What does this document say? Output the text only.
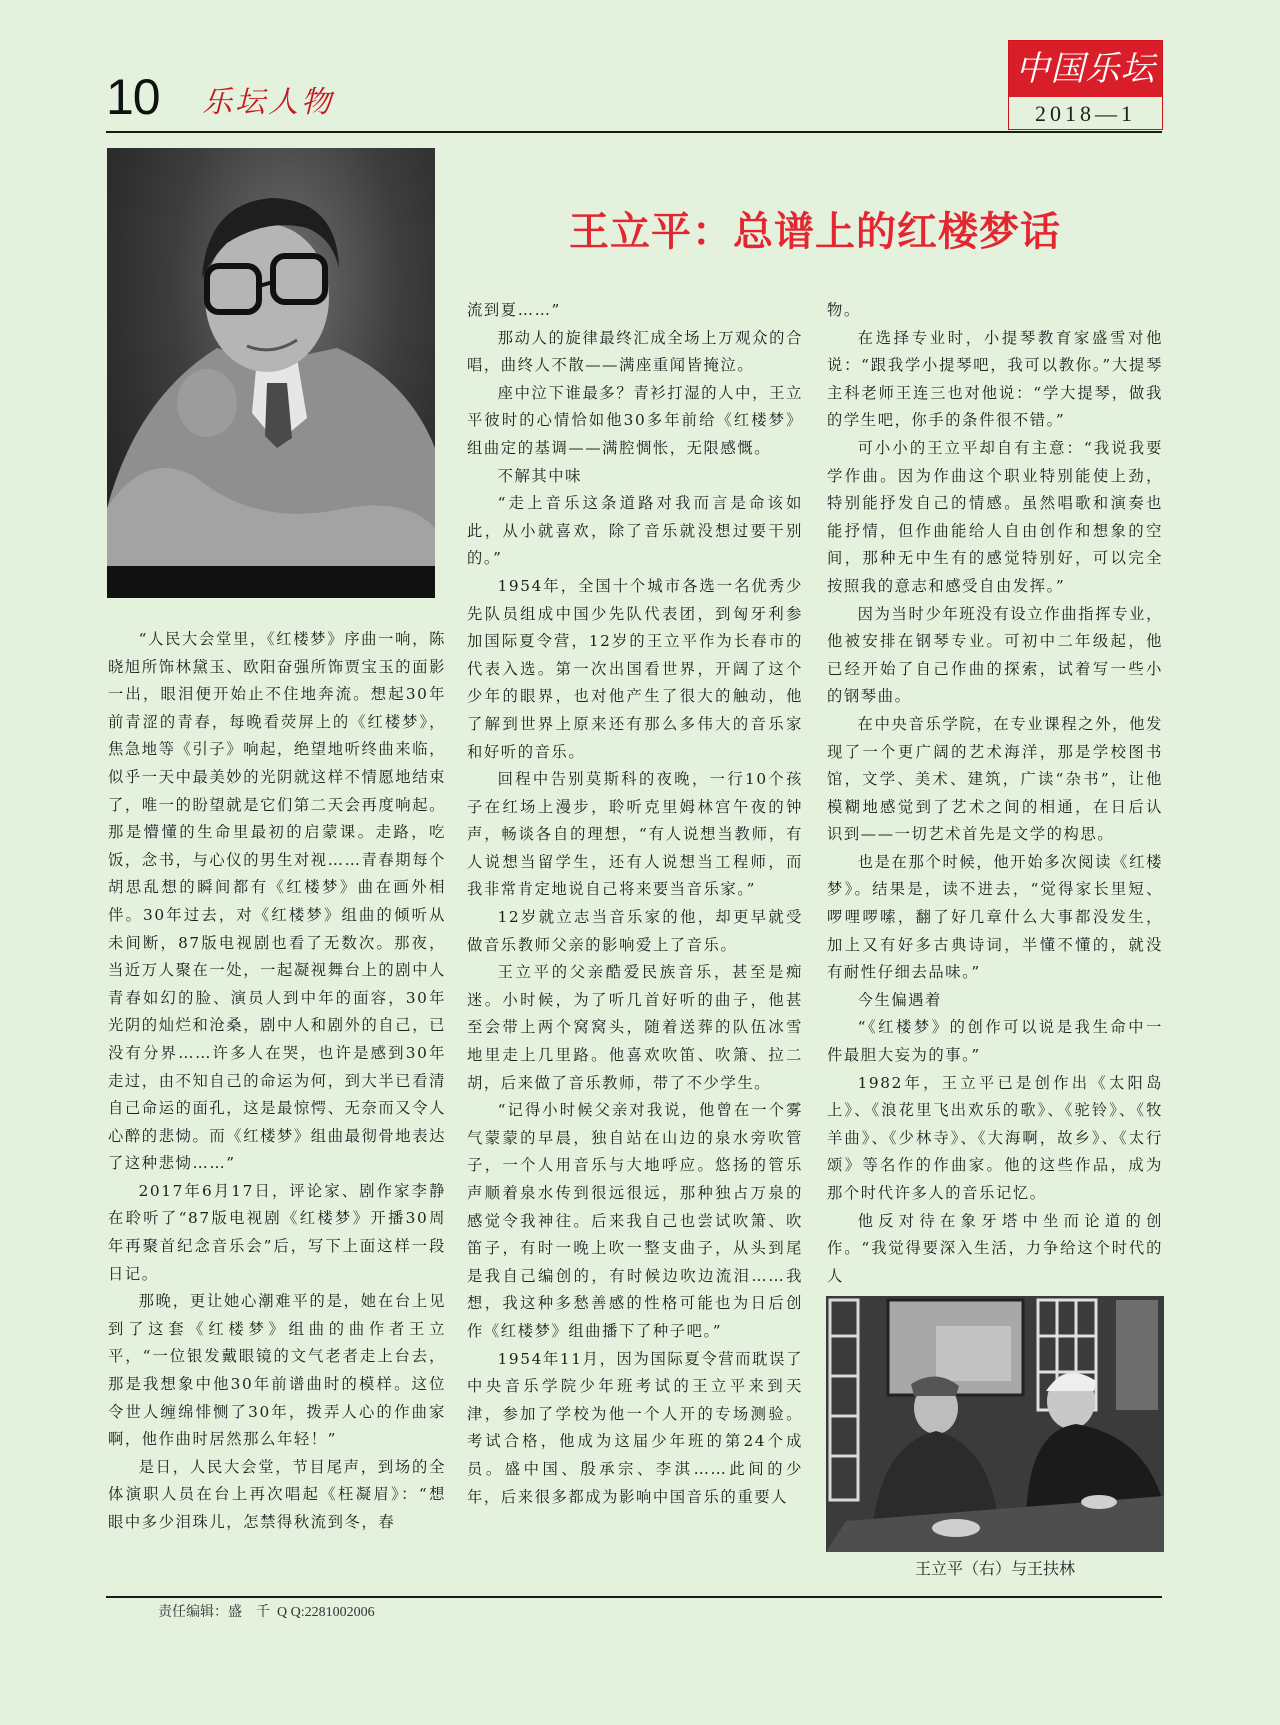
10 乐坛人物
中国乐坛
2018—1
王立平：总谱上的红楼梦话

“人民大会堂里，《红楼梦》序曲一响，陈晓旭所饰林黛玉、欧阳奋强所饰贾宝玉的面影一出，眼泪便开始止不住地奔流。想起30年前青涩的青春，每晚看荧屏上的《红楼梦》，焦急地等《引子》响起，绝望地听终曲来临，似乎一天中最美妙的光阴就这样不情愿地结束了，唯一的盼望就是它们第二天会再度响起。那是懵懂的生命里最初的启蒙课。走路，吃饭，念书，与心仪的男生对视……青春期每个胡思乱想的瞬间都有《红楼梦》曲在画外相伴。30年过去，对《红楼梦》组曲的倾听从未间断，87版电视剧也看了无数次。那夜，当近万人聚在一处，一起凝视舞台上的剧中人青春如幻的脸、演员人到中年的面容，30年光阴的灿烂和沧桑，剧中人和剧外的自己，已没有分界……许多人在哭，也许是感到30年走过，由不知自己的命运为何，到大半已看清自己命运的面孔，这是最惊愕、无奈而又令人心醉的悲恸。而《红楼梦》组曲最彻骨地表达了这种悲恸……”

2017年6月17日，评论家、剧作家李静在聆听了“87版电视剧《红楼梦》开播30周年再聚首纪念音乐会”后，写下上面这样一段日记。

那晚，更让她心潮难平的是，她在台上见到了这套《红楼梦》组曲的曲作者王立平，“一位银发戴眼镜的文气老者走上台去，那是我想象中他30年前谱曲时的模样。这位令世人缠绵悱恻了30年，拨弄人心的作曲家啊，他作曲时居然那么年轻！”

是日，人民大会堂，节目尾声，到场的全体演职人员在台上再次唱起《枉凝眉》：“想眼中多少泪珠儿，怎禁得秋流到冬，春

流到夏……”

那动人的旋律最终汇成全场上万观众的合唱，曲终人不散——满座重闻皆掩泣。

座中泣下谁最多？青衫打湿的人中，王立平彼时的心情恰如他30多年前给《红楼梦》组曲定的基调——满腔惆怅，无限感慨。

不解其中味

“走上音乐这条道路对我而言是命该如此，从小就喜欢，除了音乐就没想过要干别的。”

1954年，全国十个城市各选一名优秀少先队员组成中国少先队代表团，到匈牙利参加国际夏令营，12岁的王立平作为长春市的代表入选。第一次出国看世界，开阔了这个少年的眼界，也对他产生了很大的触动，他了解到世界上原来还有那么多伟大的音乐家和好听的音乐。

回程中告别莫斯科的夜晚，一行10个孩子在红场上漫步，聆听克里姆林宫午夜的钟声，畅谈各自的理想，“有人说想当教师，有人说想当留学生，还有人说想当工程师，而我非常肯定地说自己将来要当音乐家。”

12岁就立志当音乐家的他，却更早就受做音乐教师父亲的影响爱上了音乐。

王立平的父亲酷爱民族音乐，甚至是痴迷。小时候，为了听几首好听的曲子，他甚至会带上两个窝窝头，随着送葬的队伍冰雪地里走上几里路。他喜欢吹笛、吹箫、拉二胡，后来做了音乐教师，带了不少学生。

“记得小时候父亲对我说，他曾在一个雾气蒙蒙的早晨，独自站在山边的泉水旁吹管子，一个人用音乐与大地呼应。悠扬的管乐声顺着泉水传到很远很远，那种独占万泉的感觉令我神往。后来我自己也尝试吹箫、吹笛子，有时一晚上吹一整支曲子，从头到尾是我自己编创的，有时候边吹边流泪……我想，我这种多愁善感的性格可能也为日后创作《红楼梦》组曲播下了种子吧。”

1954年11月，因为国际夏令营而耽误了中央音乐学院少年班考试的王立平来到天津，参加了学校为他一个人开的专场测验。考试合格，他成为这届少年班的第24个成员。盛中国、殷承宗、李淇……此间的少年，后来很多都成为影响中国音乐的重要人

物。

在选择专业时，小提琴教育家盛雪对他说：“跟我学小提琴吧，我可以教你。”大提琴主科老师王连三也对他说：“学大提琴，做我的学生吧，你手的条件很不错。”

可小小的王立平却自有主意：“我说我要学作曲。因为作曲这个职业特别能使上劲，特别能抒发自己的情感。虽然唱歌和演奏也能抒情，但作曲能给人自由创作和想象的空间，那种无中生有的感觉特别好，可以完全按照我的意志和感受自由发挥。”

因为当时少年班没有设立作曲指挥专业，他被安排在钢琴专业。可初中二年级起，他已经开始了自己作曲的探索，试着写一些小的钢琴曲。

在中央音乐学院，在专业课程之外，他发现了一个更广阔的艺术海洋，那是学校图书馆，文学、美术、建筑，广读“杂书”，让他模糊地感觉到了艺术之间的相通，在日后认识到——一切艺术首先是文学的构思。

也是在那个时候，他开始多次阅读《红楼梦》。结果是，读不进去，“觉得家长里短、啰哩啰嗦，翻了好几章什么大事都没发生，加上又有好多古典诗词，半懂不懂的，就没有耐性仔细去品味。”

今生偏遇着

“《红楼梦》的创作可以说是我生命中一件最胆大妄为的事。”

1982年，王立平已是创作出《太阳岛上》、《浪花里飞出欢乐的歌》、《驼铃》、《牧羊曲》、《少林寺》、《大海啊，故乡》、《太行颂》等名作的作曲家。他的这些作品，成为那个时代许多人的音乐记忆。

他反对待在象牙塔中坐而论道的创作。“我觉得要深入生活，力争给这个时代的人

王立平（右）与王扶林
责任编辑：盛　千 Q Q:2281002006
